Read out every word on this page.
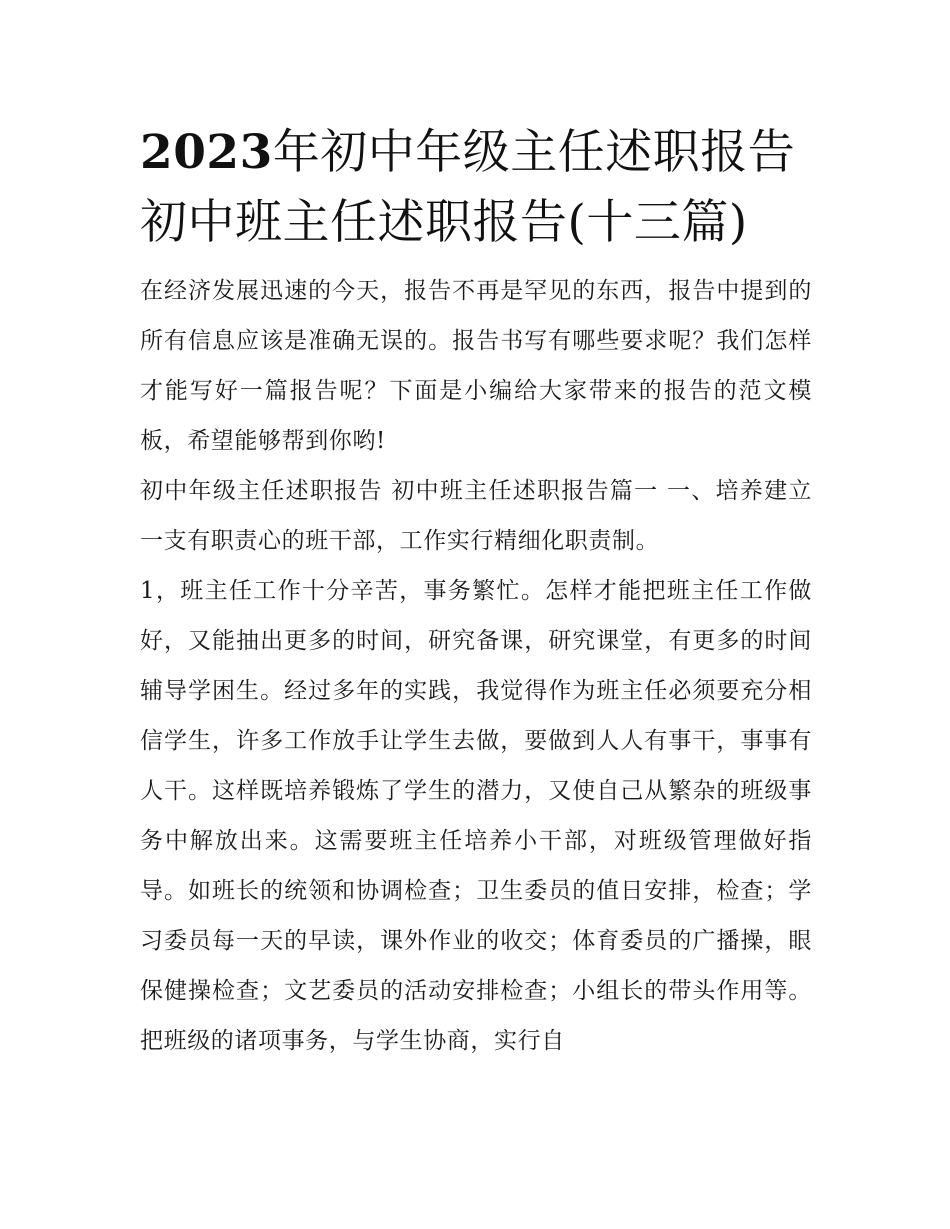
2023年初中年级主任述职报告
初中班主任述职报告(十三篇)

在经济发展迅速的今天，报告不再是罕见的东西，报告中提到的所有信息应该是准确无误的。报告书写有哪些要求呢？我们怎样才能写好一篇报告呢？下面是小编给大家带来的报告的范文模板，希望能够帮到你哟!

初中年级主任述职报告 初中班主任述职报告篇一 一、培养建立一支有职责心的班干部，工作实行精细化职责制。

1，班主任工作十分辛苦，事务繁忙。怎样才能把班主任工作做好，又能抽出更多的时间，研究备课，研究课堂，有更多的时间辅导学困生。经过多年的实践，我觉得作为班主任必须要充分相信学生，许多工作放手让学生去做，要做到人人有事干，事事有人干。这样既培养锻炼了学生的潜力，又使自己从繁杂的班级事务中解放出来。这需要班主任培养小干部，对班级管理做好指导。如班长的统领和协调检查；卫生委员的值日安排，检查；学习委员每一天的早读，课外作业的收交；体育委员的广播操，眼保健操检查；文艺委员的活动安排检查；小组长的带头作用等。把班级的诸项事务，与学生协商，实行自
